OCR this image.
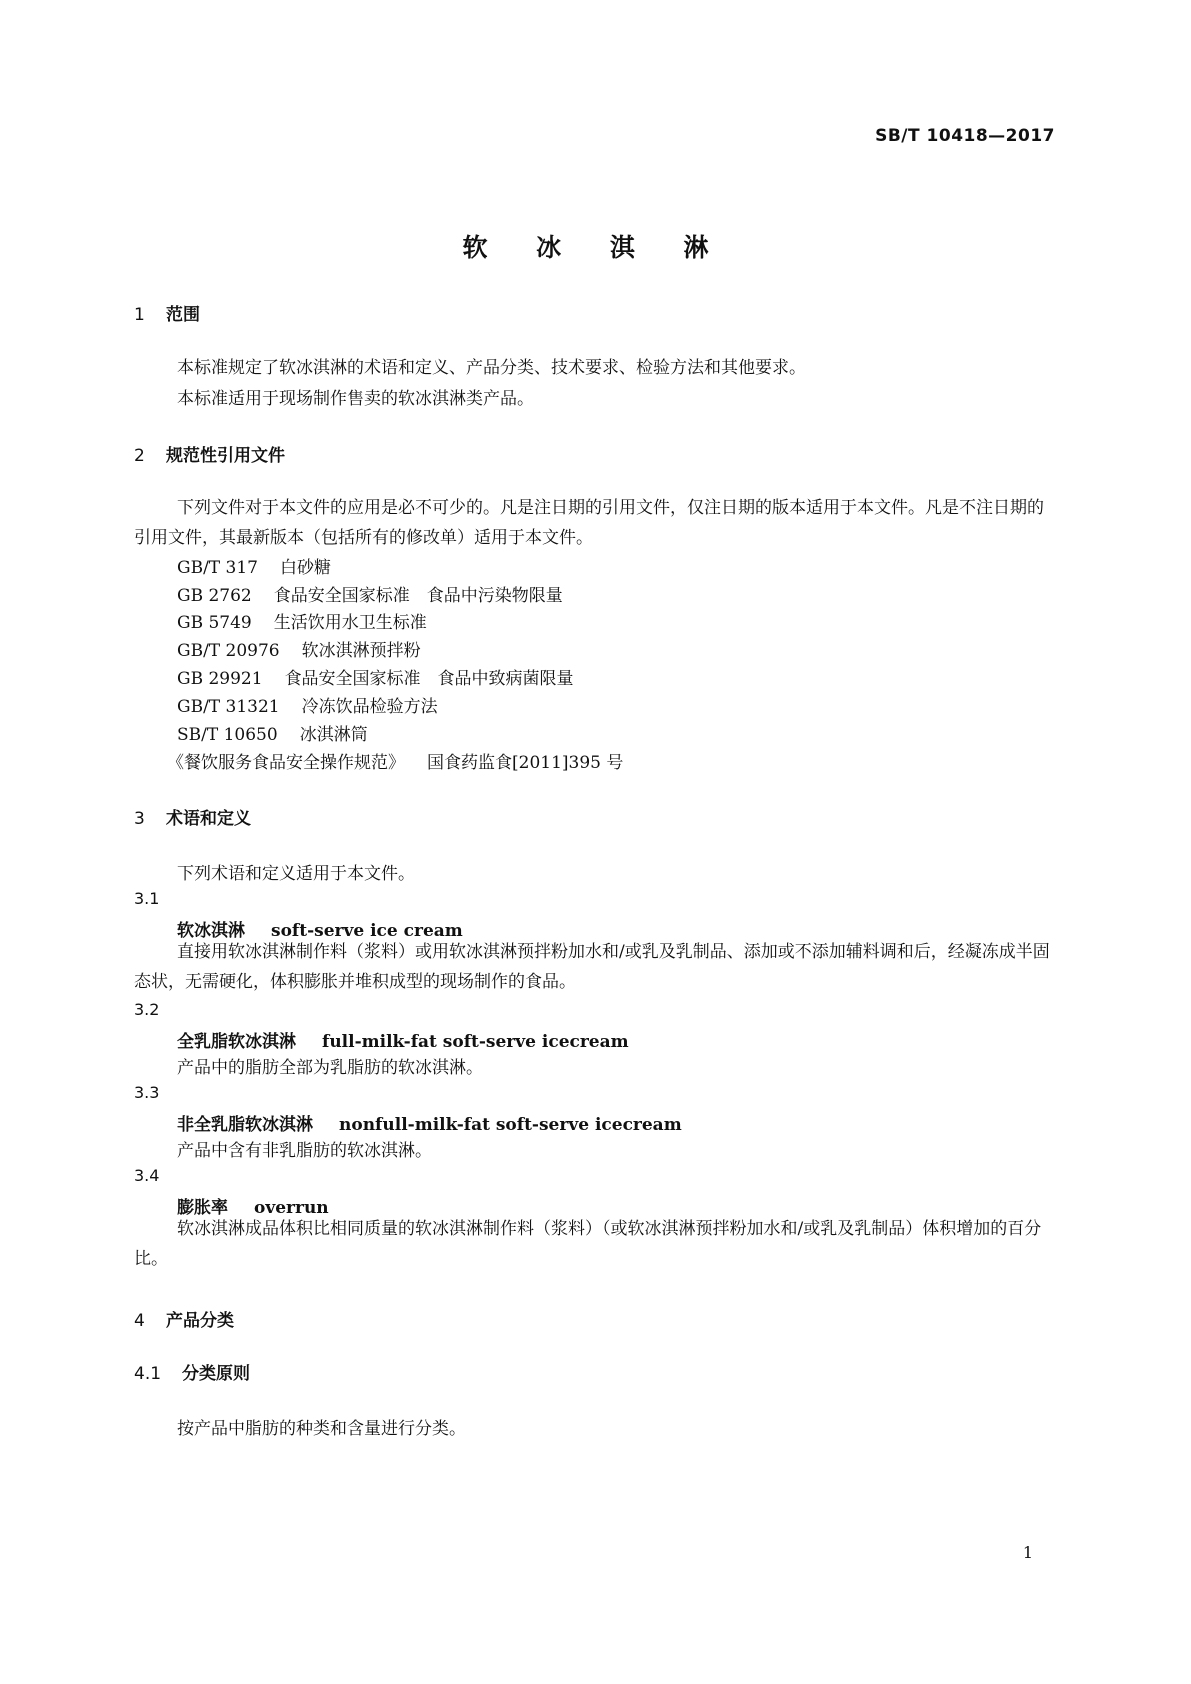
SB/T 10418—2017
软 冰 淇 淋
1 范围
本标准规定了软冰淇淋的术语和定义、产品分类、技术要求、检验方法和其他要求。
本标准适用于现场制作售卖的软冰淇淋类产品。
2 规范性引用文件
下列文件对于本文件的应用是必不可少的。凡是注日期的引用文件，仅注日期的版本适用于本文件。凡是不注日期的引用文件，其最新版本（包括所有的修改单）适用于本文件。
GB/T 317 白砂糖
GB 2762 食品安全国家标准　食品中污染物限量
GB 5749 生活饮用水卫生标准
GB/T 20976 软冰淇淋预拌粉
GB 29921 食品安全国家标准　食品中致病菌限量
GB/T 31321 冷冻饮品检验方法
SB/T 10650 冰淇淋筒
《餐饮服务食品安全操作规范》 国食药监食[2011]395 号
3 术语和定义
下列术语和定义适用于本文件。
3.1
软冰淇淋 soft-serve ice cream
直接用软冰淇淋制作料（浆料）或用软冰淇淋预拌粉加水和/或乳及乳制品、添加或不添加辅料调和后，经凝冻成半固态状，无需硬化，体积膨胀并堆积成型的现场制作的食品。
3.2
全乳脂软冰淇淋 full-milk-fat soft-serve icecream
产品中的脂肪全部为乳脂肪的软冰淇淋。
3.3
非全乳脂软冰淇淋 nonfull-milk-fat soft-serve icecream
产品中含有非乳脂肪的软冰淇淋。
3.4
膨胀率 overrun
软冰淇淋成品体积比相同质量的软冰淇淋制作料（浆料）（或软冰淇淋预拌粉加水和/或乳及乳制品）体积增加的百分比。
4 产品分类
4.1 分类原则
按产品中脂肪的种类和含量进行分类。
1
